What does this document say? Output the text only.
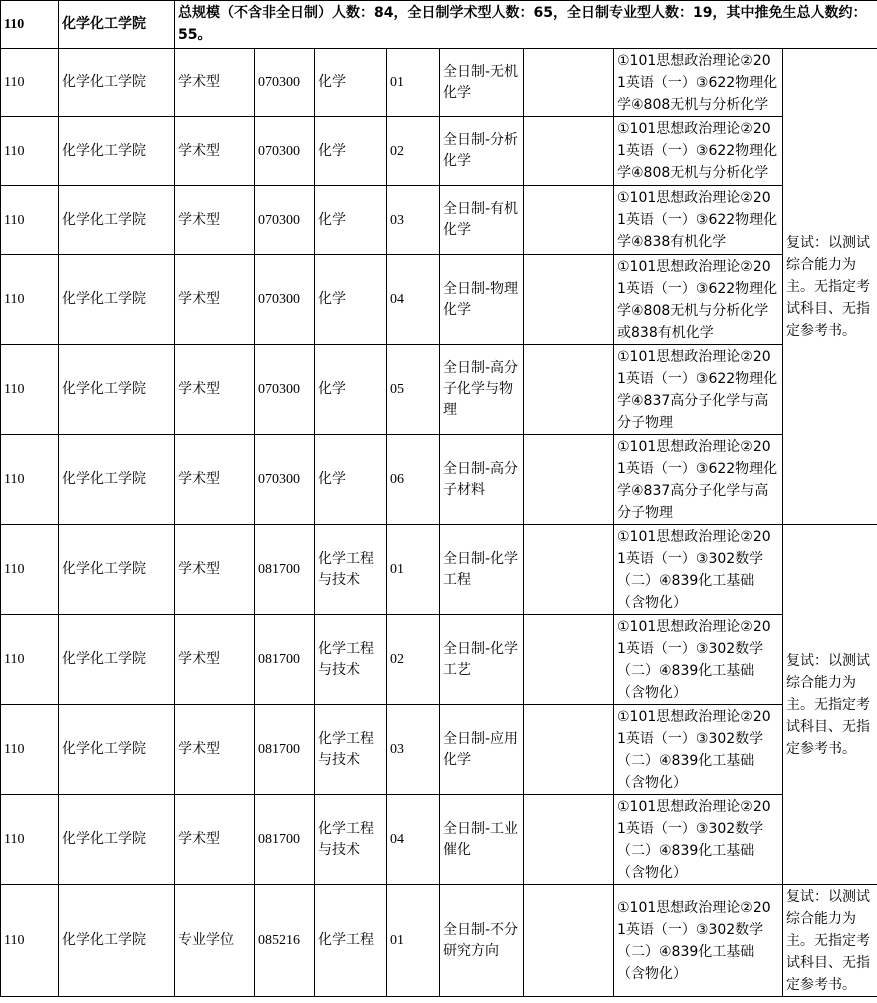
110	化学化工学院	总规模（不含非全日制）人数：84，全日制学术型人数：65，全日制专业型人数：19，其中推免生总人数约：55。							
110	化学化工学院	学术型	070300	化学	01	全日制-无机化学		①101思想政治理论②201英语（一）③622物理化学④808无机与分析化学	复试：以测试综合能力为主。无指定考试科目、无指定参考书。
110	化学化工学院	学术型	070300	化学	02	全日制-分析化学		①101思想政治理论②201英语（一）③622物理化学④808无机与分析化学	
110	化学化工学院	学术型	070300	化学	03	全日制-有机化学		①101思想政治理论②201英语（一）③622物理化学④838有机化学	
110	化学化工学院	学术型	070300	化学	04	全日制-物理化学		①101思想政治理论②201英语（一）③622物理化学④808无机与分析化学或838有机化学	
110	化学化工学院	学术型	070300	化学	05	全日制-高分子化学与物理		①101思想政治理论②201英语（一）③622物理化学④837高分子化学与高分子物理	
110	化学化工学院	学术型	070300	化学	06	全日制-高分子材料		①101思想政治理论②201英语（一）③622物理化学④837高分子化学与高分子物理	
110	化学化工学院	学术型	081700	化学工程与技术	01	全日制-化学工程		①101思想政治理论②201英语（一）③302数学（二）④839化工基础（含物化）	复试：以测试综合能力为主。无指定考试科目、无指定参考书。
110	化学化工学院	学术型	081700	化学工程与技术	02	全日制-化学工艺		①101思想政治理论②201英语（一）③302数学（二）④839化工基础（含物化）	
110	化学化工学院	学术型	081700	化学工程与技术	03	全日制-应用化学		①101思想政治理论②201英语（一）③302数学（二）④839化工基础（含物化）	
110	化学化工学院	学术型	081700	化学工程与技术	04	全日制-工业催化		①101思想政治理论②201英语（一）③302数学（二）④839化工基础（含物化）	
110	化学化工学院	专业学位	085216	化学工程	01	全日制-不分研究方向		①101思想政治理论②201英语（一）③302数学（二）④839化工基础（含物化）	复试：以测试综合能力为主。无指定考试科目、无指定参考书。
